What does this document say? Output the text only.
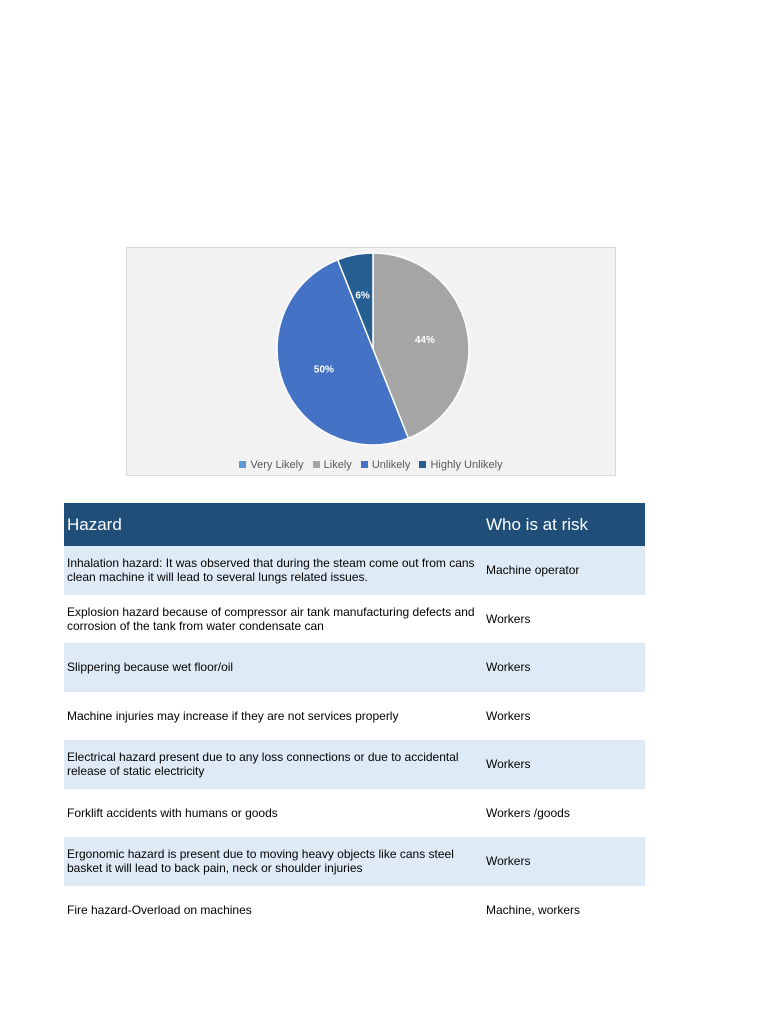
44%
50%
6%
Very Likely Likely Unlikely Highly Unlikely
Hazard	Who is at risk
Inhalation hazard: It was observed that during the steam come out from cans clean machine it will lead to several lungs related issues.	Machine operator
Explosion hazard because of compressor air tank manufacturing defects and corrosion of the tank from water condensate can	Workers
Slippering because wet floor/oil	Workers
Machine injuries may increase if they are not services properly	Workers
Electrical hazard present due to any loss connections or due to accidental release of static electricity	Workers
Forklift accidents with humans or goods	Workers /goods
Ergonomic hazard is present due to moving heavy objects like cans steel basket it will lead to back pain, neck or shoulder injuries	Workers
Fire hazard-Overload on machines	Machine, workers
